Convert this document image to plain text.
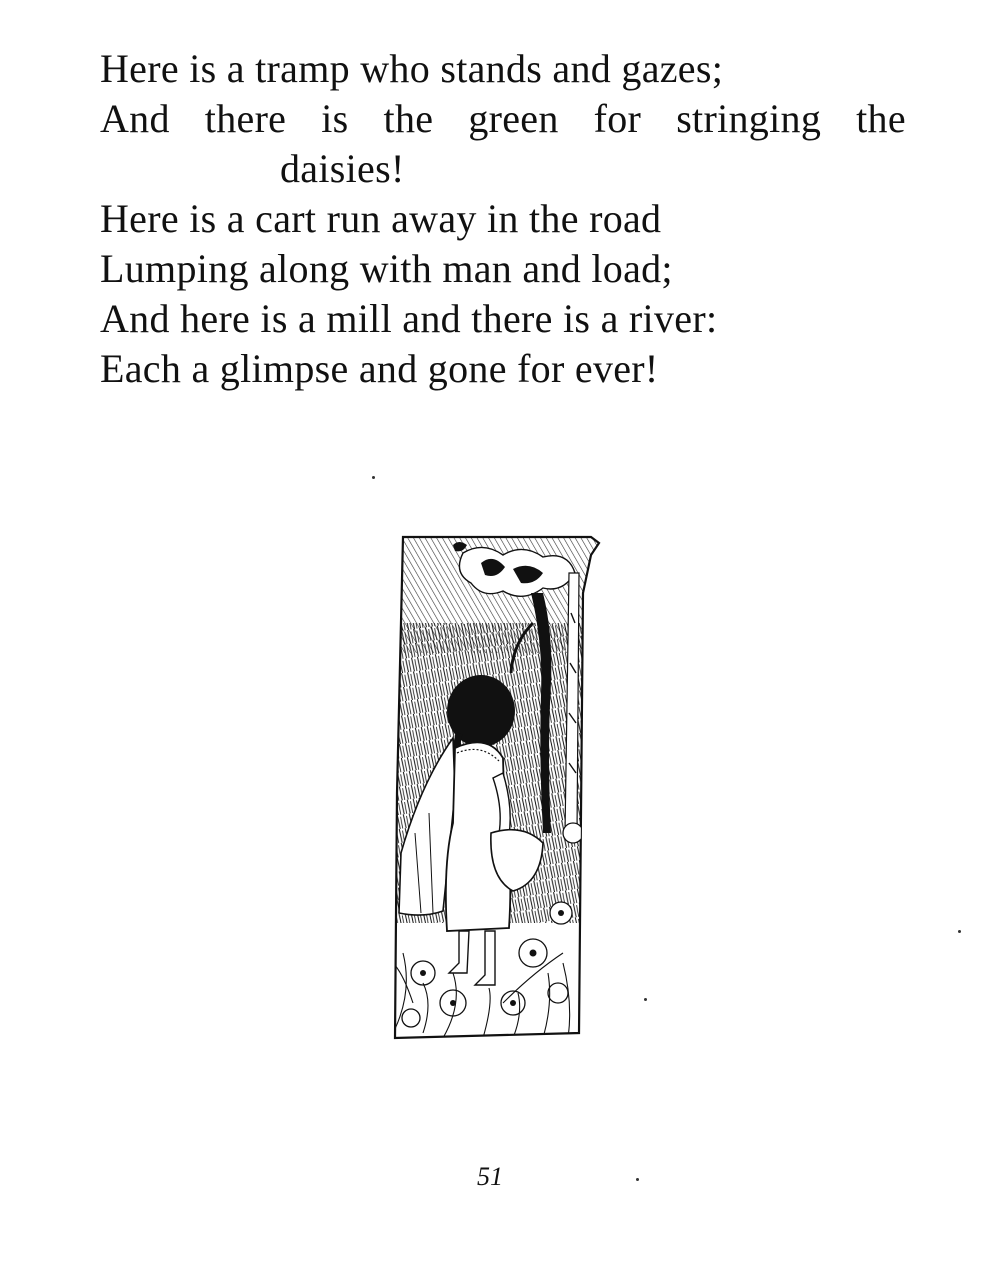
Here is a tramp who stands and gazes;
And there is the green for stringing the
daisies!
Here is a cart run away in the road
Lumping along with man and load;
And here is a mill and there is a river:
Each a glimpse and gone for ever!
51
